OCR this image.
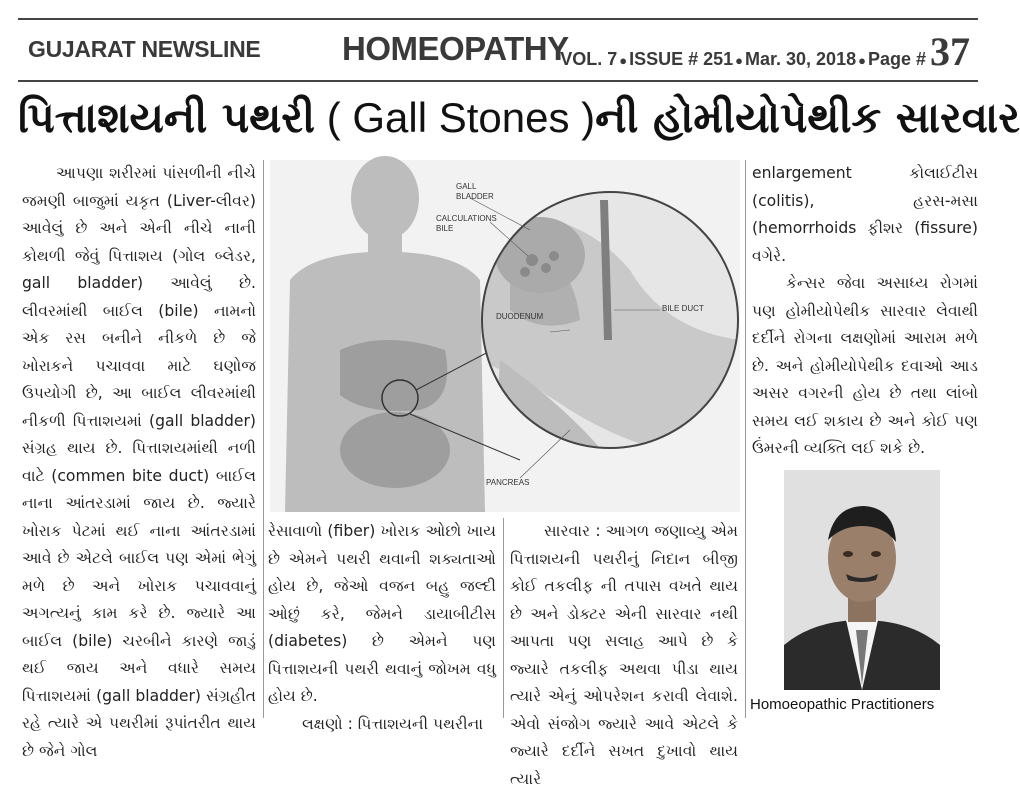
GUJARAT NEWSLINE HOMEOPATHY
VOL. 7 ● ISSUE # 251 ● Mar. 30, 2018 ● Page # 37
પિત્તાશયની પથરી ( Gall Stones )ની હોમીયોપેથીક સારવાર

આપણા શરીરમાં પાંસળીની નીચે જમણી બાજુમાં યકૃત (Liver-લીવર) આવેલું છે અને એની નીચે નાની કોથળી જેવું પિત્તાશય (ગોલ બ્લેડર, gall bladder) આવેલું છે. લીવરમાંથી બાઈલ (bile) નામનો એક રસ બનીને નીકળે છે જે ખોરાકને પચાવવા માટે ઘણોજ ઉપયોગી છે, આ બાઈલ લીવરમાંથી નીકળી પિત્તાશયમાં (gall bladder) સંગ્રહ થાય છે. પિત્તાશયમાંથી નળી વાટે (commen bite duct) બાઈલ નાના આંતરડામાં જાય છે. જ્યારે ખોરાક પેટમાં થઈ નાના આંતરડામાં આવે છે એટલે બાઈલ પણ એમાં ભેગું મળે છે અને ખોરાક પચાવવાનું અગત્યનું કામ કરે છે. જ્યારે આ બાઈલ (bile) ચરબીને કારણે જાડું થઈ જાય અને વધારે સમય પિત્તાશયમાં (gall bladder) સંગ્રહીત રહે ત્યારે એ પથરીમાં રૂપાંતરીત થાય છે જેને ગોલ

GALL
BLADDER
CALCULATIONS
BILE
DUODENUM
BILE DUCT
PANCREAS

રેસાવાળો (fiber) ખોરાક ઓછો ખાય છે એમને પથરી થવાની શક્યતાઓ હોય છે, જેઓ વજન બહુ જલ્દી ઓછું કરે, જેમને ડાયાબીટીસ (diabetes) છે એમને પણ પિત્તાશયની પથરી થવાનું જોખમ વધુ હોય છે.

લક્ષણો : પિત્તાશયની પથરીના

સારવાર : આગળ જણાવ્યુ એમ પિત્તાશયની પથરીનું નિદાન બીજી કોઈ તકલીફ ની તપાસ વખતે થાય છે અને ડોક્ટર એની સારવાર નથી આપતા પણ સલાહ આપે છે કે જ્યારે તકલીફ અથવા પીડા થાય ત્યારે એનું ઓપરેશન કરાવી લેવાશે. એવો સંજોગ જ્યારે આવે એટલે કે જ્યારે દર્દીને સખત દુખાવો થાય ત્યારે

enlargement કોલાઈટીસ (colitis), હરસ-મસા (hemorrhoids ફીશર (fissure) વગેરે.

કેન્સર જેવા અસાધ્ય રોગમાં પણ હોમીયોપેથીક સારવાર લેવાથી દર્દીને રોગના લક્ષણોમાં આરામ મળે છે. અને હોમીયોપેથીક દવાઓ આડ અસર વગરની હોય છે તથા લાંબો સમય લઈ શકાય છે અને કોઈ પણ ઉંમરની વ્યક્તિ લઈ શકે છે.

Homoeopathic Practitioners
